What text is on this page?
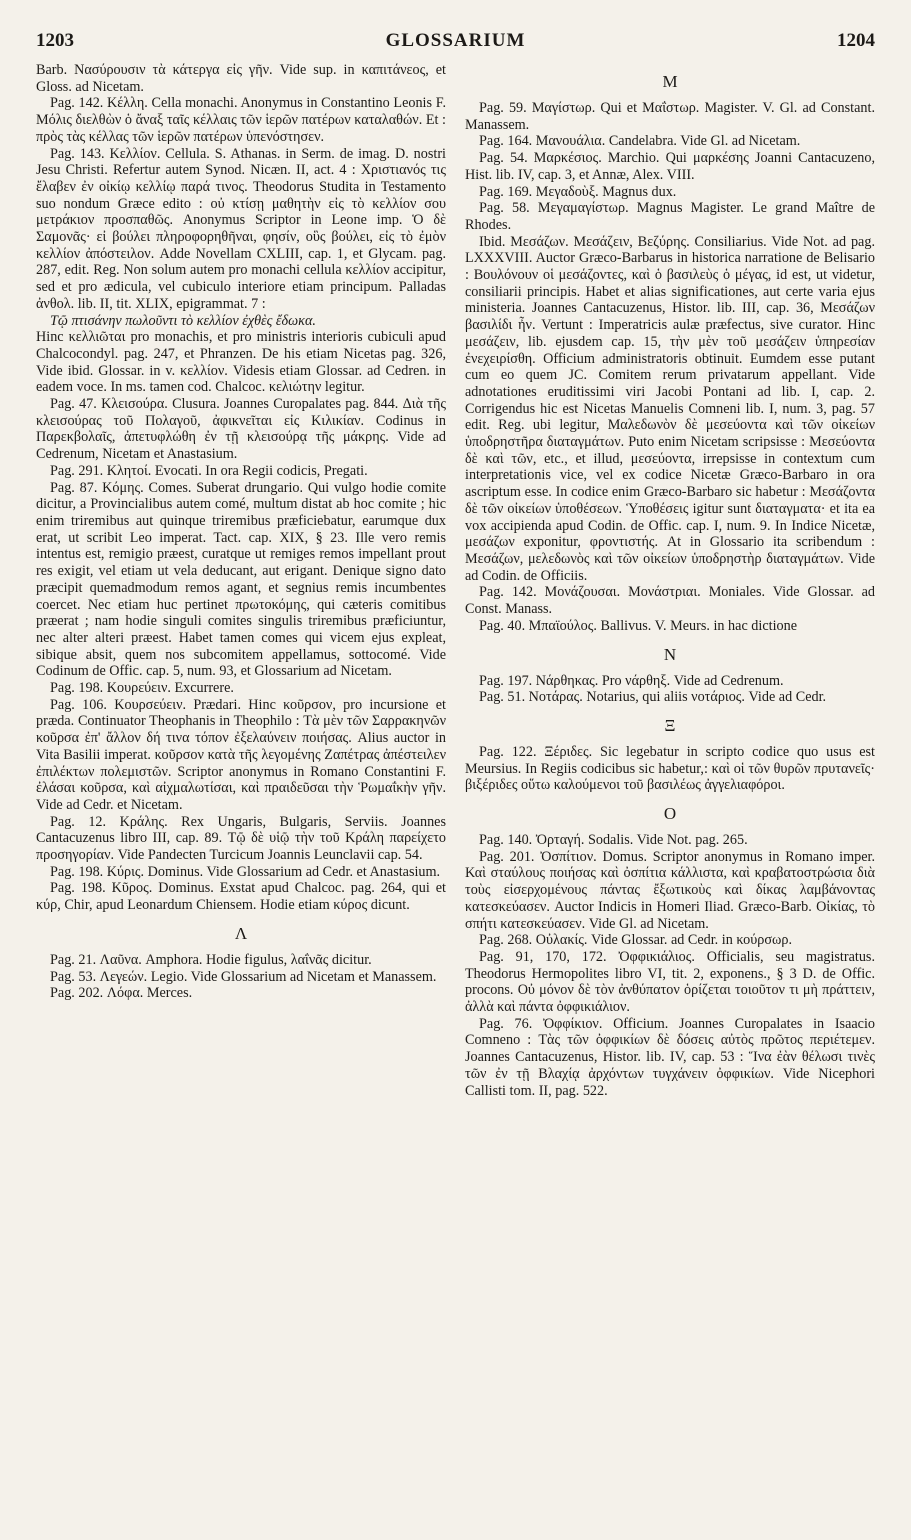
1203	GLOSSARIUM	1204

Barb. Νασύρουσιν τὰ κάτεργα εἰς γῆν. Vide sup. in καπιτάνεος, et Gloss. ad Nicetam.

Pag. 142. Κέλλη. Cella monachi. Anonymus in Constantino Leonis F. Μόλις διελθὼν ὁ ἄναξ ταῖς κέλλαις τῶν ἱερῶν πατέρων καταλαθών. Et : πρὸς τὰς κέλλας τῶν ἱερῶν πατέρων ὑπενόστησεν.

Pag. 143. Κελλίον. Cellula. S. Athanas. in Serm. de imag. D. nostri Jesu Christi. Refertur autem Synod. Nicæn. II, act. 4 : Χριστιανός τις ἔλαβεν ἐν οἰκίῳ κελλίῳ παρά τινος. Theodorus Studita in Testamento suo nondum Græce edito : οὐ κτίσῃ μαθητὴν εἰς τὸ κελλίον σου μετράκιον προσπαθῶς. Anonymus Scriptor in Leone imp. Ὁ δὲ Σαμονᾶς· εἰ βούλει πληροφορηθῆναι, φησίν, οὓς βούλει, εἰς τὸ ἐμὸν κελλίον ἀπόστειλον. Adde Novellam CXLIII, cap. 1, et Glycam. pag. 287, edit. Reg. Non solum autem pro monachi cellula κελλίον accipitur, sed et pro ædicula, vel cubiculo interiore etiam principum. Palladas ἀνθολ. lib. II, tit. XLIX, epigrammat. 7 :

Τῷ πτισάνην πωλοῦντι τὸ κελλίον ἐχθὲς ἔδωκα.

Hinc κελλιῶται pro monachis, et pro ministris interioris cubiculi apud Chalcocondyl. pag. 247, et Phranzen. De his etiam Nicetas pag. 326, Vide ibid. Glossar. in v. κελλίον. Videsis etiam Glossar. ad Cedren. in eadem voce. In ms. tamen cod. Chalcoc. κελιώτην legitur.

Pag. 47. Κλεισούρα. Clusura. Joannes Curopalates pag. 844. Διὰ τῆς κλεισούρας τοῦ Πολαγοῦ, ἀφικνεῖται εἰς Κιλικίαν. Codinus in Παρεκβολαῖς, ἀπετυφλώθη ἐν τῇ κλεισούρᾳ τῆς μάκρης. Vide ad Cedrenum, Nicetam et Anastasium.

Pag. 291. Κλητοί. Evocati. In ora Regii codicis, Pregati.

Pag. 87. Κόμης. Comes. Suberat drungario. Qui vulgo hodie comite dicitur, a Provincialibus autem comé, multum distat ab hoc comite ; hic enim triremibus aut quinque triremibus præficiebatur, earumque dux erat, ut scribit Leo imperat. Tact. cap. XIX, § 23. Ille vero remis intentus est, remigio præest, curatque ut remiges remos impellant prout res exigit, vel etiam ut vela deducant, aut erigant. Denique signo dato præcipit quemadmodum remos agant, et segnius remis incumbentes coercet. Nec etiam huc pertinet πρωτοκόμης, qui cæteris comitibus præerat ; nam hodie singuli comites singulis triremibus præficiuntur, nec alter alteri præest. Habet tamen comes qui vicem ejus expleat, sibique absit, quem nos subcomitem appellamus, sottocomé. Vide Codinum de Offic. cap. 5, num. 93, et Glossarium ad Nicetam.

Pag. 198. Κουρεύειν. Excurrere.

Pag. 106. Κουρσεύειν. Prædari. Hinc κοῦρσον, pro incursione et præda. Continuator Theophanis in Theophilo : Τὰ μὲν τῶν Σαρρακηνῶν κοῦρσα ἐπ' ἄλλον δή τινα τόπον ἐξελαύνειν ποιήσας. Alius auctor in Vita Basilii imperat. κοῦρσον κατὰ τῆς λεγομένης Ζαπέτρας ἀπέστειλεν ἐπιλέκτων πολεμιστῶν. Scriptor anonymus in Romano Constantini F. ἐλάσαι κοῦρσα, καὶ αἰχμαλωτίσαι, καὶ πραιδεῦσαι τὴν Ῥωμαΐκὴν γῆν. Vide ad Cedr. et Nicetam.

Pag. 12. Κράλης. Rex Ungaris, Bulgaris, Serviis. Joannes Cantacuzenus libro III, cap. 89. Τῷ δὲ υἱῷ τὴν τοῦ Κράλη παρείχετο προσηγορίαν. Vide Pandecten Turcicum Joannis Leunclavii cap. 54.

Pag. 198. Κύρις. Dominus. Vide Glossarium ad Cedr. et Anastasium.

Pag. 198. Κῦρος. Dominus. Exstat apud Chalcoc. pag. 264, qui et κύρ, Chir, apud Leonardum Chiensem. Hodie etiam κύρος dicunt.

Λ

Pag. 21. Λαῦνα. Amphora. Hodie figulus, λαΐνᾶς dicitur.

Pag. 53. Λεγεών. Legio. Vide Glossarium ad Nicetam et Manassem.

Pag. 202. Λόφα. Merces.

M

Pag. 59. Μαγίστωρ. Qui et Μαΐστωρ. Magister. V. Gl. ad Constant. Manassem.

Pag. 164. Μανουάλια. Candelabra. Vide Gl. ad Nicetam.

Pag. 54. Μαρκέσιος. Marchio. Qui μαρκέσης Joanni Cantacuzeno, Hist. lib. IV, cap. 3, et Annæ, Alex. VIII.

Pag. 169. Μεγαδοὺξ. Magnus dux.

Pag. 58. Μεγαμαγίστωρ. Magnus Magister. Le grand Maître de Rhodes.

Ibid. Μεσάζων. Μεσάζειν, Βεζύρης. Consiliarius. Vide Not. ad pag. LXXXVIII. Auctor Græco-Barbarus in historica narratione de Belisario : Βουλόνουν οἱ μεσάζοντες, καὶ ὁ βασιλεὺς ὁ μέγας, id est, ut videtur, consiliarii principis. Habet et alias significationes, aut certe varia ejus ministeria. Joannes Cantacuzenus, Histor. lib. III, cap. 36, Μεσάζων βασιλίδι ἦν. Vertunt : Imperatricis aulæ præfectus, sive curator. Hinc μεσάζειν, lib. ejusdem cap. 15, τὴν μὲν τοῦ μεσάζειν ὑπηρεσίαν ἐνεχειρίσθη. Officium administratoris obtinuit. Eumdem esse putant cum eo quem JC. Comitem rerum privatarum appellant. Vide adnotationes eruditissimi viri Jacobi Pontani ad lib. I, cap. 2. Corrigendus hic est Nicetas Manuelis Comneni lib. I, num. 3, pag. 57 edit. Reg. ubi legitur, Μαλεδωνὸν δὲ μεσεύοντα καὶ τῶν οἰκείων ὑποδρηστῆρα διαταγμάτων. Puto enim Nicetam scripsisse : Μεσεύοντα δὲ καὶ τῶν, etc., et illud, μεσεύοντα, irrepsisse in contextum cum interpretationis vice, vel ex codice Nicetæ Græco-Barbaro in ora ascriptum esse. In codice enim Græco-Barbaro sic habetur : Μεσάζοντα δὲ τῶν οἰκείων ὑποθέσεων. Ὑποθέσεις igitur sunt διαταγματα· et ita ea vox accipienda apud Codin. de Offic. cap. I, num. 9. In Indice Nicetæ, μεσάζων exponitur, φροντιστής. At in Glossario ita scribendum : Μεσάζων, μελεδωνὸς καὶ τῶν οἰκείων ὑποδρηστὴρ διαταγμάτων. Vide ad Codin. de Officiis.

Pag. 142. Μονάζουσαι. Μονάστριαι. Moniales. Vide Glossar. ad Const. Manass.

Pag. 40. Μπαϊούλος. Ballivus. V. Meurs. in hac dictione

N

Pag. 197. Νάρθηκας. Pro νάρθηξ. Vide ad Cedrenum.

Pag. 51. Νοτάρας. Notarius, qui aliis νοτάριος. Vide ad Cedr.

Ξ

Pag. 122. Ξέριδες. Sic legebatur in scripto codice quo usus est Meursius. In Regiis codicibus sic habetur,: καὶ οἱ τῶν θυρῶν πρυτανεῖς· βιξέριδες οὕτω καλούμενοι τοῦ βασιλέως ἀγγελιαφόροι.

O

Pag. 140. Ὀρταγή. Sodalis. Vide Not. pag. 265.

Pag. 201. Ὀσπίτιον. Domus. Scriptor anonymus in Romano imper. Καὶ σταύλους ποιήσας καὶ ὀσπίτια κάλλιστα, καὶ κραβατοστρώσια διὰ τοὺς εἰσερχομένους πάντας ἔξωτικοὺς καὶ δίκας λαμβάνοντας κατεσκεύασεν. Auctor Indicis in Homeri Iliad. Græco-Barb. Οἰκίας, τὸ σπήτι κατεσκεύασεν. Vide Gl. ad Nicetam.

Pag. 268. Οὐλακίς. Vide Glossar. ad Cedr. in κούρσωρ.

Pag. 91, 170, 172. Ὀφφικιάλιος. Officialis, seu magistratus. Theodorus Hermopolites libro VI, tit. 2, exponens., § 3 D. de Offic. procons. Οὐ μόνον δὲ τὸν ἀνθύπατον ὁρίζεται τοιοῦτον τι μὴ πράττειν, ἀλλὰ καὶ πάντα ὀφφικιάλιον.

Pag. 76. Ὀφφίκιον. Officium. Joannes Curopalates in Isaacio Comneno : Τὰς τῶν ὀφφικίων δὲ δόσεις αὐτὸς πρῶτος περιέτεμεν. Joannes Cantacuzenus, Histor. lib. IV, cap. 53 : Ἵνα ἐὰν θέλωσι τινὲς τῶν ἐν τῇ Βλαχίᾳ ἀρχόντων τυγχάνειν ὀφφικίων. Vide Nicephori Callisti tom. II, pag. 522.
